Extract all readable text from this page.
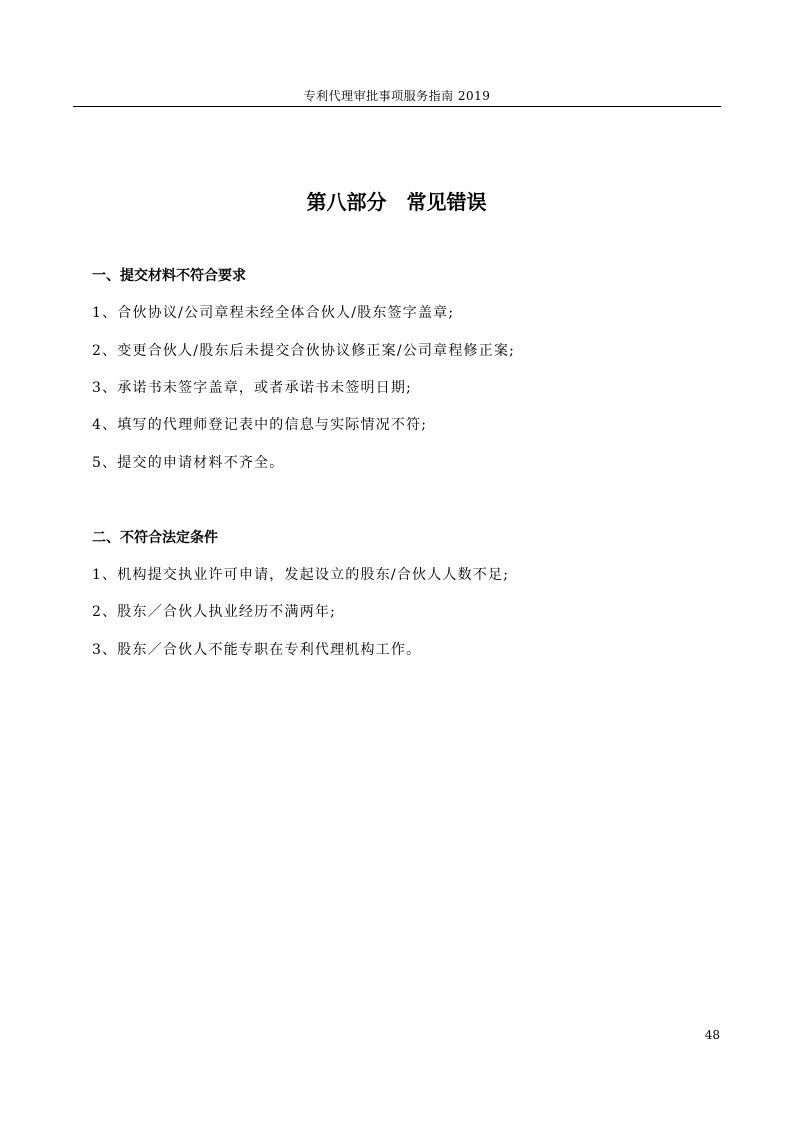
专利代理审批事项服务指南 2019
第八部分　常见错误
一、提交材料不符合要求
1、合伙协议/公司章程未经全体合伙人/股东签字盖章;
2、变更合伙人/股东后未提交合伙协议修正案/公司章程修正案;
3、承诺书未签字盖章，或者承诺书未签明日期;
4、填写的代理师登记表中的信息与实际情况不符;
5、提交的申请材料不齐全。
二、不符合法定条件
1、机构提交执业许可申请，发起设立的股东/合伙人人数不足;
2、股东／合伙人执业经历不满两年;
3、股东／合伙人不能专职在专利代理机构工作。
48
